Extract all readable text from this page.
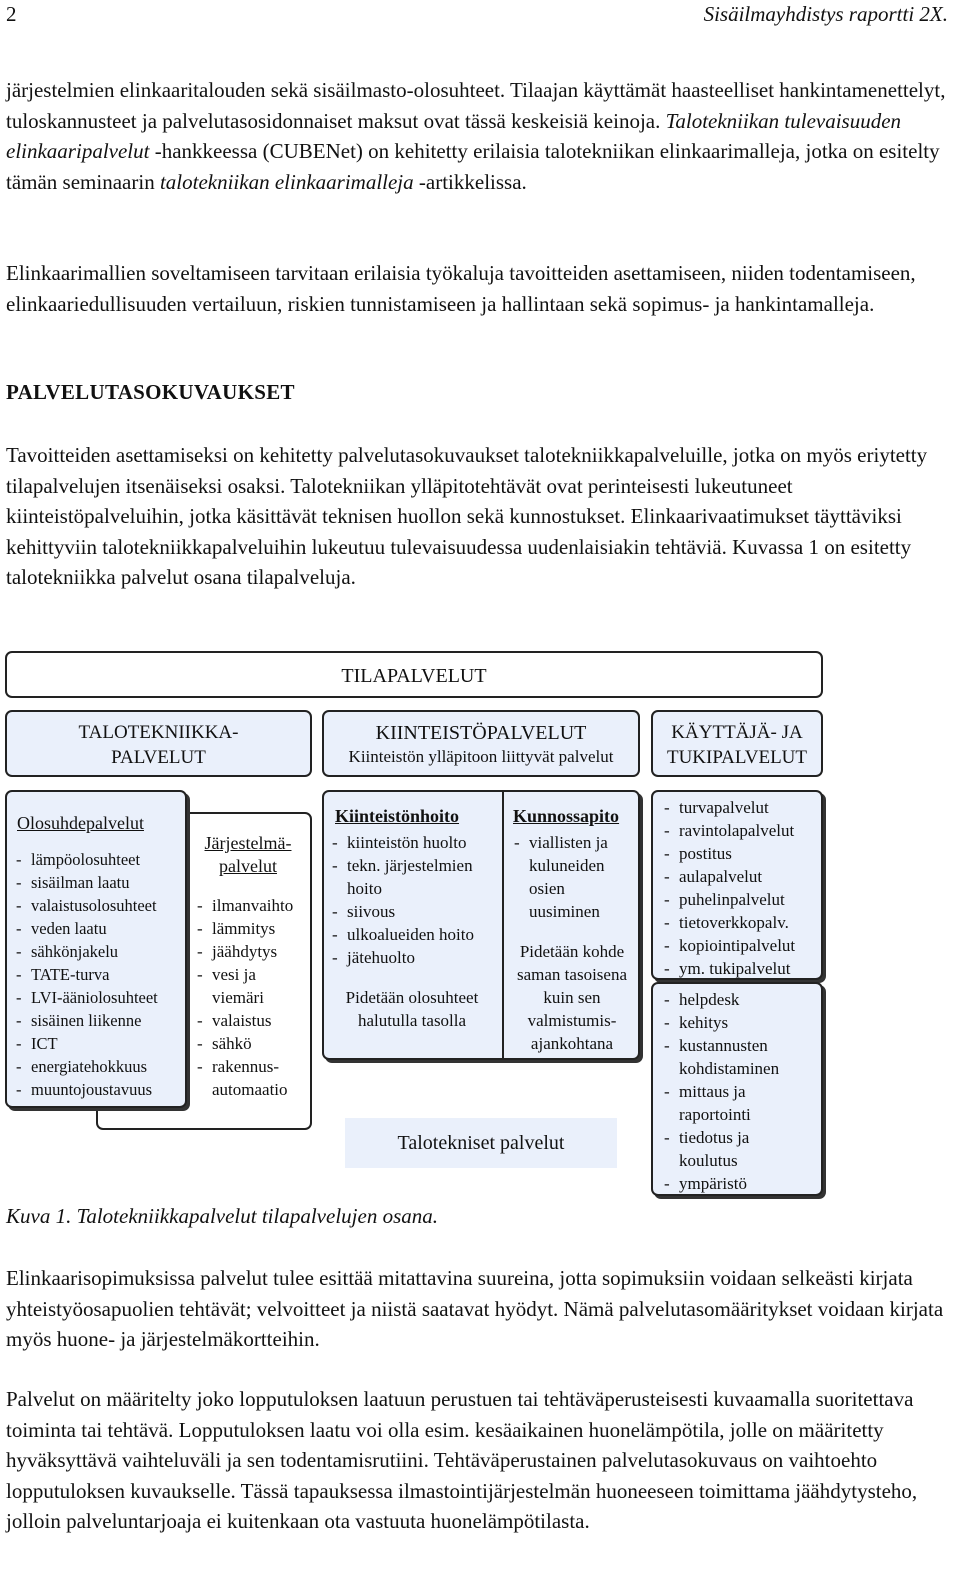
2	Sisäilmayhdistys raportti 2X.

järjestelmien elinkaaritalouden sekä sisäilmasto-olosuhteet. Tilaajan käyttämät haasteelliset hankintamenettelyt, tuloskannusteet ja palvelutasosidonnaiset maksut ovat tässä keskeisiä keinoja. Talotekniikan tulevaisuuden elinkaaripalvelut -hankkeessa (CUBENet) on kehitetty erilaisia talotekniikan elinkaarimalleja, jotka on esitelty tämän seminaarin talotekniikan elinkaarimalleja -artikkelissa.

Elinkaarimallien soveltamiseen tarvitaan erilaisia työkaluja tavoitteiden asettamiseen, niiden todentamiseen, elinkaariedullisuuden vertailuun, riskien tunnistamiseen ja hallintaan sekä sopimus- ja hankintamalleja.

PALVELUTASOKUVAUKSET

Tavoitteiden asettamiseksi on kehitetty palvelutasokuvaukset talotekniikkapalveluille, jotka on myös eriytetty tilapalvelujen itsenäiseksi osaksi. Talotekniikan ylläpitotehtävät ovat perinteisesti lukeutuneet kiinteistöpalveluihin, jotka käsittävät teknisen huollon sekä kunnostukset. Elinkaarivaatimukset täyttäviksi kehittyviin talotekniikkapalveluihin lukeutuu tulevaisuudessa uudenlaisiakin tehtäviä. Kuvassa 1 on esitetty talotekniikka palvelut osana tilapalveluja.

TILAPALVELUT
TALOTEKNIIKKA-
PALVELUT
KIINTEISTÖPALVELUT
Kiinteistön ylläpitoon liittyvät palvelut
KÄYTTÄJÄ- JA
TUKIPALVELUT
Järjestelmä-
palvelut
- ilmanvaihto
- lämmitys
- jäähdytys
- vesi ja
viemäri
- valaistus
- sähkö
- rakennus-
automaatio
Olosuhdepalvelut
- lämpöolosuhteet
- sisäilman laatu
- valaistusolosuhteet
- veden laatu
- sähkönjakelu
- TATE-turva
- LVI-ääniolosuhteet
- sisäinen liikenne
- ICT
- energiatehokkuus
- muuntojoustavuus
Kiinteistönhoito
- kiinteistön huolto
- tekn. järjestelmien
hoito
- siivous
- ulkoalueiden hoito
- jätehuolto
Pidetään olosuhteet
halutulla tasolla
Kunnossapito
- viallisten ja
kuluneiden
osien
uusiminen
Pidetään kohde
saman tasoisena
kuin sen
valmistumis-
ajankohtana
- turvapalvelut
- ravintolapalvelut
- postitus
- aulapalvelut
- puhelinpalvelut
- tietoverkkopalv.
- kopiointipalvelut
- ym. tukipalvelut
- helpdesk
- kehitys
- kustannusten
kohdistaminen
- mittaus ja
raportointi
- tiedotus ja
koulutus
- ympäristö
Talotekniset palvelut
Kuva 1. Talotekniikkapalvelut tilapalvelujen osana.

Elinkaarisopimuksissa palvelut tulee esittää mitattavina suureina, jotta sopimuksiin voidaan selkeästi kirjata yhteistyöosapuolien tehtävät; velvoitteet ja niistä saatavat hyödyt. Nämä palvelutasomääritykset voidaan kirjata myös huone- ja järjestelmäkortteihin.

Palvelut on määritelty joko lopputuloksen laatuun perustuen tai tehtäväperusteisesti kuvaamalla suoritettava toiminta tai tehtävä. Lopputuloksen laatu voi olla esim. kesäaikainen huonelämpötila, jolle on määritetty hyväksyttävä vaihteluväli ja sen todentamisrutiini. Tehtäväperustainen palvelutasokuvaus on vaihtoehto lopputuloksen kuvaukselle. Tässä tapauksessa ilmastointijärjestelmän huoneeseen toimittama jäähdytysteho, jolloin palveluntarjoaja ei kuitenkaan ota vastuuta huonelämpötilasta.
